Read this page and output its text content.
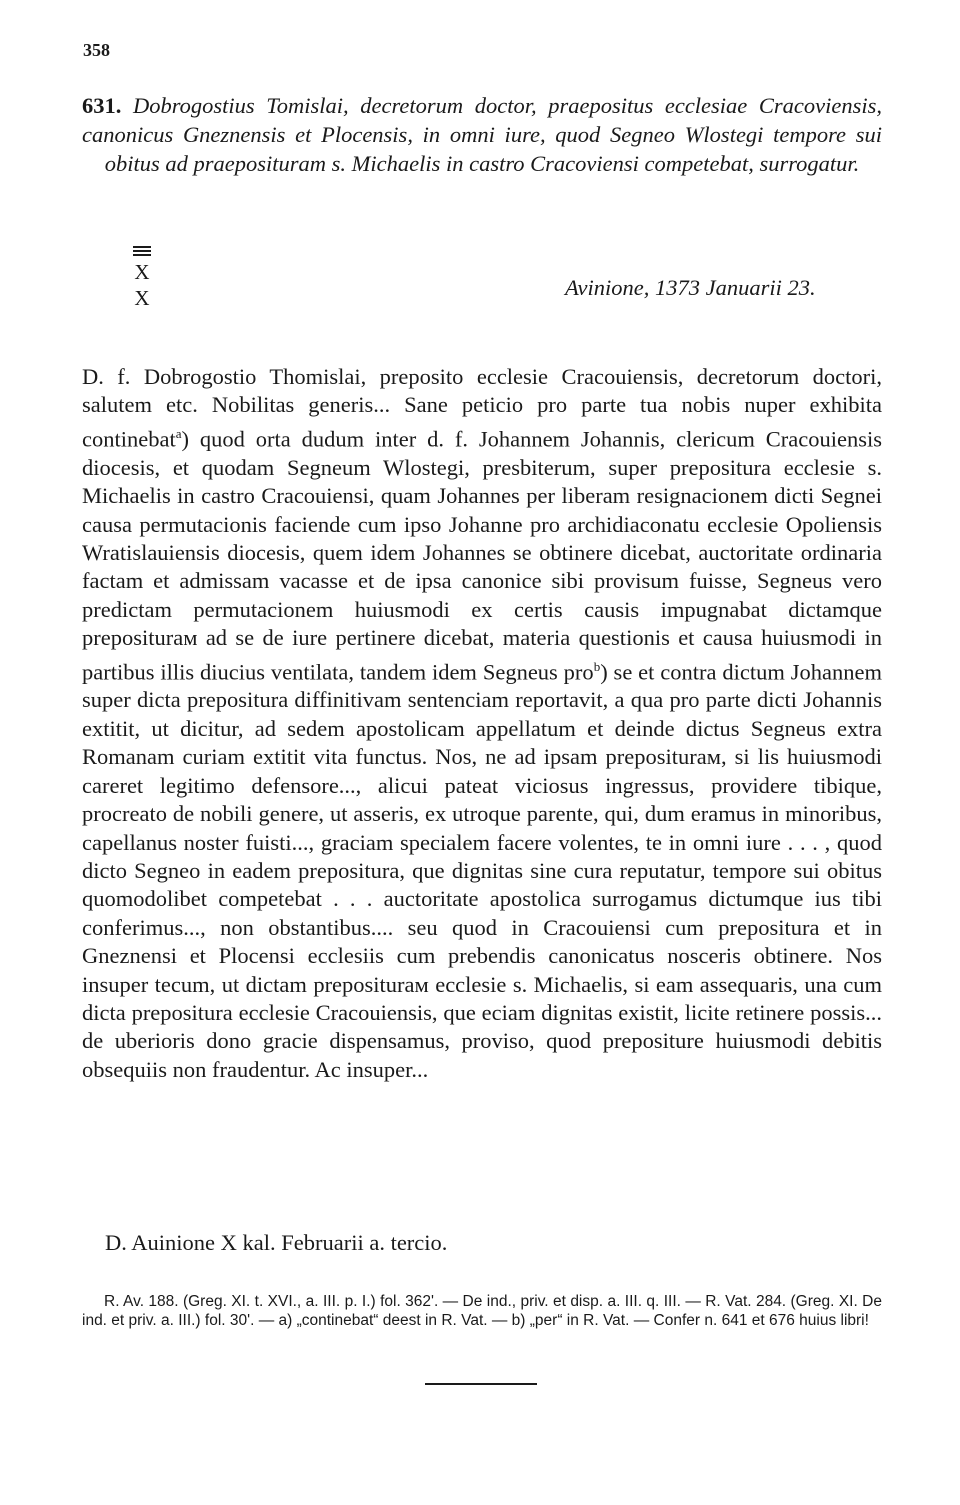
358
631. Dobrogostius Tomislai, decretorum doctor, praepositus ecclesiae Cracoviensis, canonicus Gneznensis et Plocensis, in omni iure, quod Segneo Wlostegi tempore sui obitus ad praeposituram s. Michaelis in castro Cracoviensi competebat, surrogatur.
X
X	Avinione, 1373 Januarii 23.
D. f. Dobrogostio Thomislai, preposito ecclesie Cracouiensis, decretorum doctori, salutem etc. Nobilitas generis... Sane peticio pro parte tua nobis nuper exhibita continebat$^a$) quod orta dudum inter d. f. Johannem Johannis, clericum Cracouiensis diocesis, et quodam Segneum Wlostegi, presbiterum, super prepositura ecclesie s. Michaelis in castro Cracouiensi, quam Johannes per liberam resignacionem dicti Segnei causa permutacionis faciende cum ipso Johanne pro archidiaconatu ecclesie Opoliensis Wratislauiensis diocesis, quem idem Johannes se obtinere dicebat, auctoritate ordinaria factam et admissam vacasse et de ipsa canonice sibi provisum fuisse, Segneus vero predictam permutacionem huiusmodi ex certis causis impugnabat dictamque prepositurам ad se de iure pertinere dicebat, materia questionis et causa huiusmodi in partibus illis diucius ventilata, tandem idem Segneus pro$^b$) se et contra dictum Johannem super dicta prepositura diffinitivam sentenciam reportavit, a qua pro parte dicti Johannis extitit, ut dicitur, ad sedem apostolicam appellatum et deinde dictus Segneus extra Romanam curiam extitit vita functus. Nos, ne ad ipsam prepositurам, si lis huiusmodi careret legitimo defensore..., alicui pateat viciosus ingressus, providere tibique, procreato de nobili genere, ut asseris, ex utroque parente, qui, dum eramus in minoribus, capellanus noster fuisti..., graciam specialem facere volentes, te in omni iure . . . , quod dicto Segneo in eadem prepositura, que dignitas sine cura reputatur, tempore sui obitus quomodolibet competebat . . . auctoritate apostolica surrogamus dictumque ius tibi conferimus..., non obstantibus.... seu quod in Cracouiensi cum prepositura et in Gneznensi et Plocensi ecclesiis cum prebendis canonicatus nosceris obtinere. Nos insuper tecum, ut dictam prepositurам ecclesie s. Michaelis, si eam assequaris, una cum dicta prepositura ecclesie Cracouiensis, que eciam dignitas existit, licite retinere possis... de uberioris dono gracie dispensamus, proviso, quod prepositure huiusmodi debitis obsequiis non fraudentur. Ac insuper...
D. Auinione X kal. Februarii a. tercio.
R. Av. 188. (Greg. XI. t. XVI., a. III. p. I.) fol. 362'. — De ind., priv. et disp. a. III. q. III. — R. Vat. 284. (Greg. XI. De ind. et priv. a. III.) fol. 30'. — a) „continebat“ deest in R. Vat. — b) „per“ in R. Vat. — Confer n. 641 et 676 huius libri!
